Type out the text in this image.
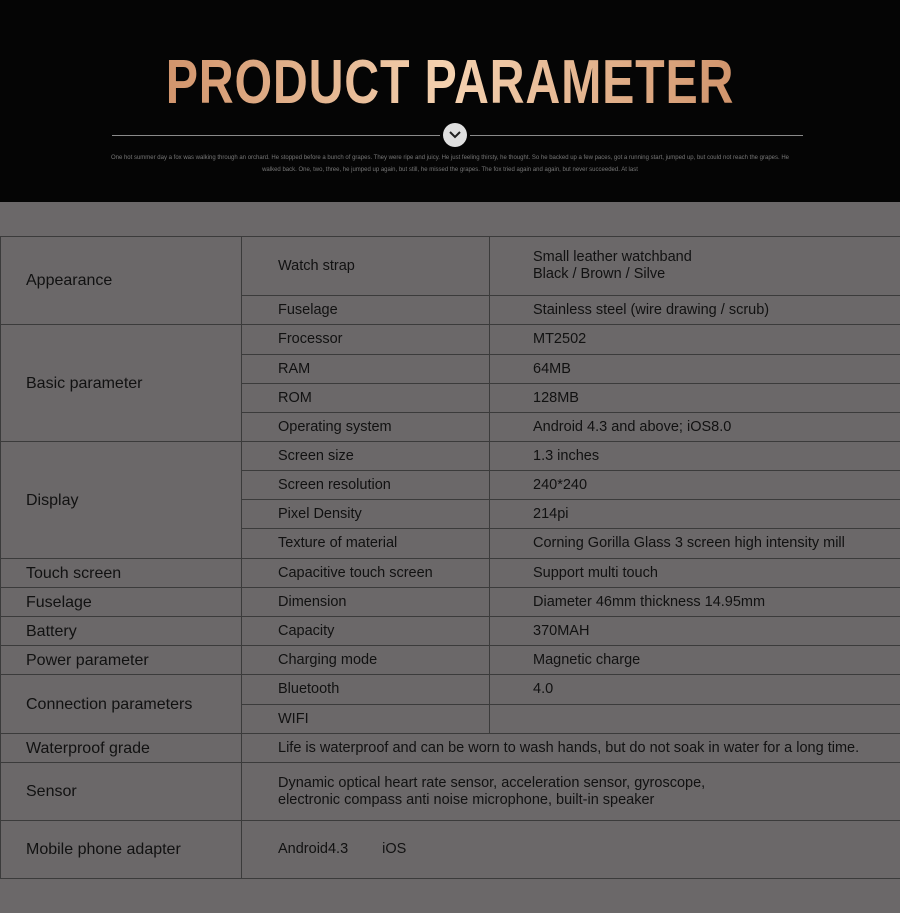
PRODUCT PARAMETER
One hot summer day a fox was walking through an orchard. He stopped before a bunch of grapes. They were ripe and juicy. He just feeling thirsty, he thought. So he backed up a few paces, got a running start, jumped up, but could not reach the grapes. He walked back. One, two, three, he jumped up again, but still, he missed the grapes. The fox tried again and again, but never succeeded. At last
Appearance	Watch strap	Small leather watchband
Black / Brown / Silve

	Fuselage	Stainless steel (wire drawing / scrub)
Basic parameter	Frocessor	MT2502
	RAM	64MB
	ROM	128MB
	Operating system	Android 4.3 and above; iOS8.0
Display	Screen size	1.3 inches
	Screen resolution	240*240
	Pixel Density	214pi
	Texture of material	Corning Gorilla Glass 3 screen high intensity mill
Touch screen	Capacitive touch screen	Support multi touch
Fuselage	Dimension	Diameter 46mm thickness 14.95mm
Battery	Capacity	370MAH
Power parameter	Charging mode	Magnetic charge
Connection parameters	Bluetooth	4.0
	WIFI	
Waterproof grade	Life is waterproof and can be worn to wash hands, but do not soak in water for a long time.	
Sensor	Dynamic optical heart rate sensor, acceleration sensor, gyroscope,
electronic compass anti noise microphone, built-in speaker	

Mobile phone adapter	Android4.3 iOS	
